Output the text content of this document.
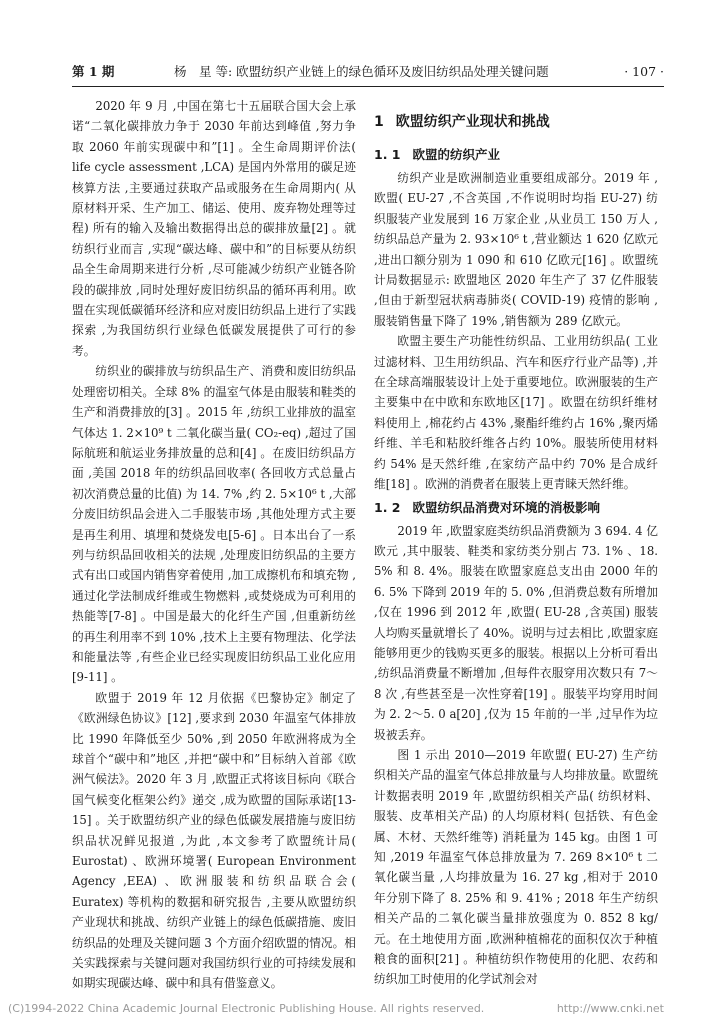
第 1 期	杨　星 等: 欧盟纺织产业链上的绿色循环及废旧纺织品处理关键问题	· 107 ·

2020 年 9 月 ,中国在第七十五届联合国大会上承诺“二氧化碳排放力争于 2030 年前达到峰值 ,努力争取 2060 年前实现碳中和”[1] 。全生命周期评价法( life cycle assessment ,LCA) 是国内外常用的碳足迹核算方法 ,主要通过获取产品或服务在生命周期内( 从原材料开采、生产加工、储运、使用、废弃物处理等过程) 所有的输入及输出数据得出总的碳排放量[2] 。就纺织行业而言 ,实现“碳达峰、碳中和”的目标要从纺织品全生命周期来进行分析 ,尽可能减少纺织产业链各阶段的碳排放 ,同时处理好废旧纺织品的循环再利用。欧盟在实现低碳循环经济和应对废旧纺织品上进行了实践探索 ,为我国纺织行业绿色低碳发展提供了可行的参考。

纺织业的碳排放与纺织品生产、消费和废旧纺织品处理密切相关。全球 8% 的温室气体是由服装和鞋类的生产和消费排放的[3] 。2015 年 ,纺织工业排放的温室气体达 1. 2×10⁹ t 二氧化碳当量( CO₂-eq) ,超过了国际航班和航运业务排放量的总和[4] 。在废旧纺织品方面 ,美国 2018 年的纺织品回收率( 各回收方式总量占初次消费总量的比值) 为 14. 7% ,约 2. 5×10⁶ t ,大部分废旧纺织品会进入二手服装市场 ,其他处理方式主要是再生利用、填埋和焚烧发电[5-6] 。日本出台了一系列与纺织品回收相关的法规 ,处理废旧纺织品的主要方式有出口或国内销售穿着使用 ,加工成擦机布和填充物 ,通过化学法制成纤维或生物燃料 ,或焚烧成为可利用的热能等[7-8] 。中国是最大的化纤生产国 ,但重新纺丝的再生利用率不到 10% ,技术上主要有物理法、化学法和能量法等 ,有些企业已经实现废旧纺织品工业化应用[9-11] 。

欧盟于 2019 年 12 月依据《巴黎协定》制定了《欧洲绿色协议》[12] ,要求到 2030 年温室气体排放比 1990 年降低至少 50% ,到 2050 年欧洲将成为全球首个“碳中和”地区 ,并把“碳中和”目标纳入首部《欧洲气候法》。2020 年 3 月 ,欧盟正式将该目标向《联合国气候变化框架公约》递交 ,成为欧盟的国际承诺[13-15] 。关于欧盟纺织产业的绿色低碳发展措施与废旧纺织品状况鲜见报道 ,为此 ,本文参考了欧盟统计局( Eurostat) 、欧洲环境署( European Environment Agency ,EEA) 、欧洲服装和纺织品联合会( Euratex) 等机构的数据和研究报告 ,主要从欧盟纺织产业现状和挑战、纺织产业链上的绿色低碳措施、废旧纺织品的处理及关键问题 3 个方面介绍欧盟的情况。相关实践探索与关键问题对我国纺织行业的可持续发展和如期实现碳达峰、碳中和具有借鉴意义。

1 欧盟纺织产业现状和挑战
1. 1 欧盟的纺织产业

纺织产业是欧洲制造业重要组成部分。2019 年 ,欧盟( EU-27 ,不含英国 ,不作说明时均指 EU-27) 纺织服装产业发展到 16 万家企业 ,从业员工 150 万人 ,纺织品总产量为 2. 93×10⁶ t ,营业额达 1 620 亿欧元 ,进出口额分别为 1 090 和 610 亿欧元[16] 。欧盟统计局数据显示: 欧盟地区 2020 年生产了 37 亿件服装 ,但由于新型冠状病毒肺炎( COVID-19) 疫情的影响 ,服装销售量下降了 19% ,销售额为 289 亿欧元。

欧盟主要生产功能性纺织品、工业用纺织品( 工业过滤材料、卫生用纺织品、汽车和医疗行业产品等) ,并在全球高端服装设计上处于重要地位。欧洲服装的生产主要集中在中欧和东欧地区[17] 。欧盟在纺织纤维材料使用上 ,棉花约占 43% ,聚酯纤维约占 16% ,聚丙烯纤维、羊毛和粘胶纤维各占约 10%。服装所使用材料约 54% 是天然纤维 ,在家纺产品中约 70% 是合成纤维[18] 。欧洲的消费者在服装上更青睐天然纤维。

1. 2 欧盟纺织品消费对环境的消极影响

2019 年 ,欧盟家庭类纺织品消费额为 3 694. 4 亿欧元 ,其中服装、鞋类和家纺类分别占 73. 1% 、18. 5% 和 8. 4%。服装在欧盟家庭总支出由 2000 年的 6. 5% 下降到 2019 年的 5. 0% ,但消费总数有所增加 ,仅在 1996 到 2012 年 ,欧盟( EU-28 ,含英国) 服装人均购买量就增长了 40%。说明与过去相比 ,欧盟家庭能够用更少的钱购买更多的服装。根据以上分析可看出 ,纺织品消费量不断增加 ,但每件衣服穿用次数只有 7～8 次 ,有些甚至是一次性穿着[19] 。服装平均穿用时间为 2. 2～5. 0 a[20] ,仅为 15 年前的一半 ,过早作为垃圾被丢弃。

图 1 示出 2010—2019 年欧盟( EU-27) 生产纺织相关产品的温室气体总排放量与人均排放量。欧盟统计数据表明 2019 年 ,欧盟纺织相关产品( 纺织材料、服装、皮革相关产品) 的人均原材料( 包括铁、有色金属、木材、天然纤维等) 消耗量为 145 kg。由图 1 可知 ,2019 年温室气体总排放量为 7. 269 8×10⁶ t 二氧化碳当量 ,人均排放量为 16. 27 kg ,相对于 2010 年分别下降了 8. 25% 和 9. 41% ; 2018 年生产纺织相关产品的二氧化碳当量排放强度为 0. 852 8 kg/元。在土地使用方面 ,欧洲种植棉花的面积仅次于种植粮食的面积[21] 。种植纺织作物使用的化肥、农药和纺织加工时使用的化学试剂会对

(C)1994-2022 China Academic Journal Electronic Publishing House. All rights reserved.	http://www.cnki.net
